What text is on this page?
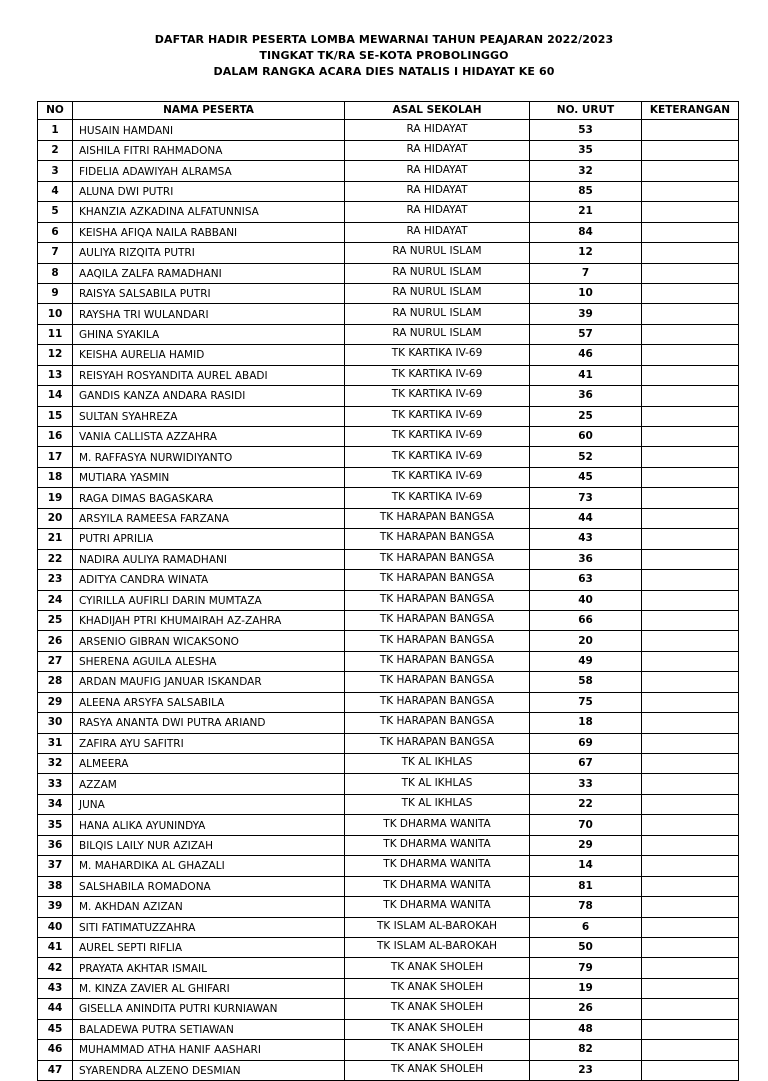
DAFTAR HADIR PESERTA LOMBA MEWARNAI TAHUN PEAJARAN 2022/2023
TINGKAT TK/RA SE-KOTA PROBOLINGGO
DALAM RANGKA ACARA DIES NATALIS I HIDAYAT KE 60
NO	NAMA PESERTA	ASAL SEKOLAH	NO. URUT	KETERANGAN
1	HUSAIN HAMDANI	RA HIDAYAT	53	
2	AISHILA FITRI RAHMADONA	RA HIDAYAT	35	
3	FIDELIA ADAWIYAH ALRAMSA	RA HIDAYAT	32	
4	ALUNA DWI PUTRI	RA HIDAYAT	85	
5	KHANZIA AZKADINA ALFATUNNISA	RA HIDAYAT	21	
6	KEISHA AFIQA NAILA RABBANI	RA HIDAYAT	84	
7	AULIYA RIZQITA PUTRI	RA NURUL ISLAM	12	
8	AAQILA ZALFA RAMADHANI	RA NURUL ISLAM	7	
9	RAISYA SALSABILA PUTRI	RA NURUL ISLAM	10	
10	RAYSHA TRI WULANDARI	RA NURUL ISLAM	39	
11	GHINA SYAKILA	RA NURUL ISLAM	57	
12	KEISHA AURELIA HAMID	TK KARTIKA IV-69	46	
13	REISYAH ROSYANDITA AUREL ABADI	TK KARTIKA IV-69	41	
14	GANDIS KANZA ANDARA RASIDI	TK KARTIKA IV-69	36	
15	SULTAN SYAHREZA	TK KARTIKA IV-69	25	
16	VANIA CALLISTA AZZAHRA	TK KARTIKA IV-69	60	
17	M. RAFFASYA NURWIDIYANTO	TK KARTIKA IV-69	52	
18	MUTIARA YASMIN	TK KARTIKA IV-69	45	
19	RAGA DIMAS BAGASKARA	TK KARTIKA IV-69	73	
20	ARSYILA RAMEESA FARZANA	TK HARAPAN BANGSA	44	
21	PUTRI APRILIA	TK HARAPAN BANGSA	43	
22	NADIRA AULIYA RAMADHANI	TK HARAPAN BANGSA	36	
23	ADITYA CANDRA WINATA	TK HARAPAN BANGSA	63	
24	CYIRILLA AUFIRLI DARIN MUMTAZA	TK HARAPAN BANGSA	40	
25	KHADIJAH PTRI KHUMAIRAH AZ-ZAHRA	TK HARAPAN BANGSA	66	
26	ARSENIO GIBRAN WICAKSONO	TK HARAPAN BANGSA	20	
27	SHERENA AGUILA ALESHA	TK HARAPAN BANGSA	49	
28	ARDAN MAUFIG JANUAR ISKANDAR	TK HARAPAN BANGSA	58	
29	ALEENA ARSYFA SALSABILA	TK HARAPAN BANGSA	75	
30	RASYA ANANTA DWI PUTRA ARIAND	TK HARAPAN BANGSA	18	
31	ZAFIRA AYU SAFITRI	TK HARAPAN BANGSA	69	
32	ALMEERA	TK AL IKHLAS	67	
33	AZZAM	TK AL IKHLAS	33	
34	JUNA	TK AL IKHLAS	22	
35	HANA ALIKA AYUNINDYA	TK DHARMA WANITA	70	
36	BILQIS LAILY NUR AZIZAH	TK DHARMA WANITA	29	
37	M. MAHARDIKA AL GHAZALI	TK DHARMA WANITA	14	
38	SALSHABILA ROMADONA	TK DHARMA WANITA	81	
39	M. AKHDAN AZIZAN	TK DHARMA WANITA	78	
40	SITI FATIMATUZZAHRA	TK ISLAM AL-BAROKAH	6	
41	AUREL SEPTI RIFLIA	TK ISLAM AL-BAROKAH	50	
42	PRAYATA AKHTAR ISMAIL	TK ANAK SHOLEH	79	
43	M. KINZA ZAVIER AL GHIFARI	TK ANAK SHOLEH	19	
44	GISELLA ANINDITA PUTRI KURNIAWAN	TK ANAK SHOLEH	26	
45	BALADEWA PUTRA SETIAWAN	TK ANAK SHOLEH	48	
46	MUHAMMAD ATHA HANIF AASHARI	TK ANAK SHOLEH	82	
47	SYARENDRA ALZENO DESMIAN	TK ANAK SHOLEH	23	
